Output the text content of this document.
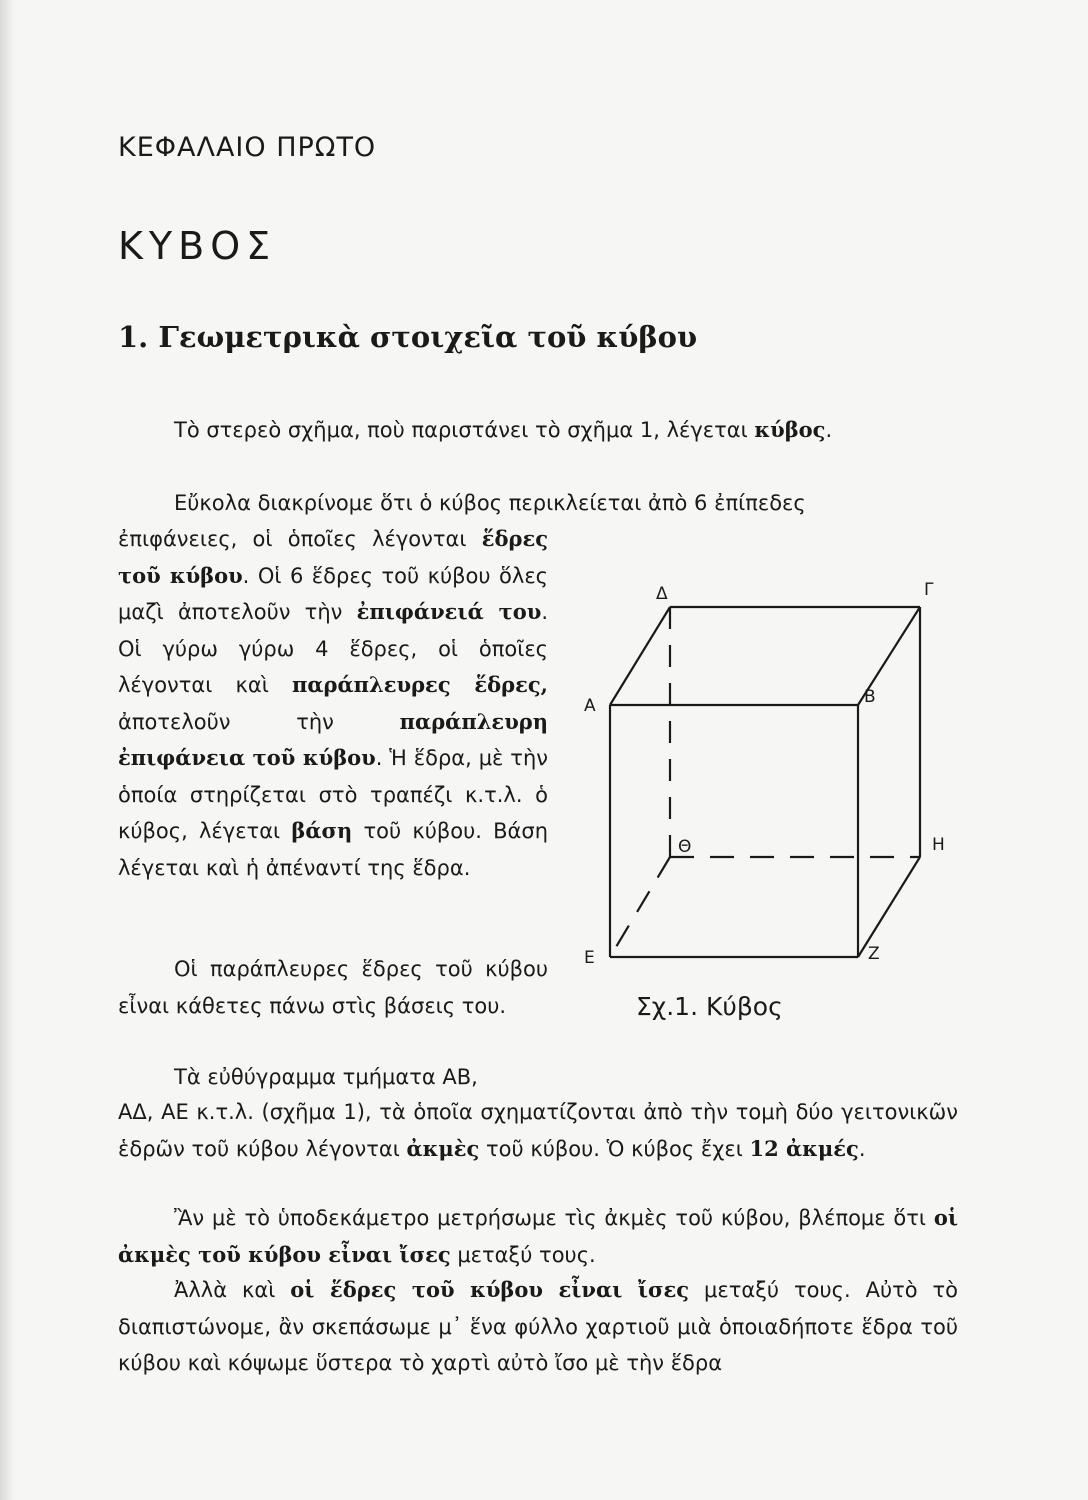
ΚΕΦΑΛΑΙΟ ΠΡΩΤΟ
ΚΥΒΟΣ
1. Γεωμετρικὰ στοιχεῖα τοῦ κύβου

Τὸ στερεὸ σχῆμα, ποὺ παριστάνει τὸ σχῆμα 1, λέγεται κύβος.

Εὔκολα διακρίνομε ὅτι ὁ κύβος περικλείεται ἀπὸ 6 ἐπίπεδες

ἐπιφάνειες, οἱ ὁποῖες λέγονται ἕδρες τοῦ κύβου. Οἱ 6 ἕδρες τοῦ κύβου ὅλες μαζὶ ἀποτελοῦν τὴν ἐπιφάνειά του. Οἱ γύρω γύρω 4 ἕδρες, οἱ ὁποῖες λέγονται καὶ παράπλευρες ἕδρες, ἀποτελοῦν τὴν παράπλευρη ἐπιφάνεια τοῦ κύβου. Ἡ ἕδρα, μὲ τὴν ὁποία στηρίζεται στὸ τραπέζι κ.τ.λ. ὁ κύβος, λέγεται βάση τοῦ κύβου. Βάση λέγεται καὶ ἡ ἀπέναντί της ἕδρα.

Οἱ παράπλευρες ἕδρες τοῦ κύβου εἶναι κάθετες πάνω στὶς βάσεις του.

Τὰ εὐθύγραμμα τμήματα ΑΒ,

ΑΔ, ΑΕ κ.τ.λ. (σχῆμα 1), τὰ ὁποῖα σχηματίζονται ἀπὸ τὴν τομὴ δύο γειτονικῶν ἑδρῶν τοῦ κύβου λέγονται ἀκμὲς τοῦ κύβου. Ὁ κύβος ἔχει 12 ἀκμές.

Ἂν μὲ τὸ ὑποδεκάμετρο μετρήσωμε τὶς ἀκμὲς τοῦ κύβου, βλέπομε ὅτι οἱ ἀκμὲς τοῦ κύβου εἶναι ἴσες μεταξύ τους.

Ἀλλὰ καὶ οἱ ἕδρες τοῦ κύβου εἶναι ἴσες μεταξύ τους. Αὐτὸ τὸ διαπιστώνομε, ἂν σκεπάσωμε μ᾽ ἕνα φύλλο χαρτιοῦ μιὰ ὁποιαδήποτε ἕδρα τοῦ κύβου καὶ κόψωμε ὕστερα τὸ χαρτὶ αὐτὸ ἴσο μὲ τὴν ἕδρα

Δ	Γ
Α	Β
Θ	Η
Ε	Ζ
Σχ.1. Κύβος
